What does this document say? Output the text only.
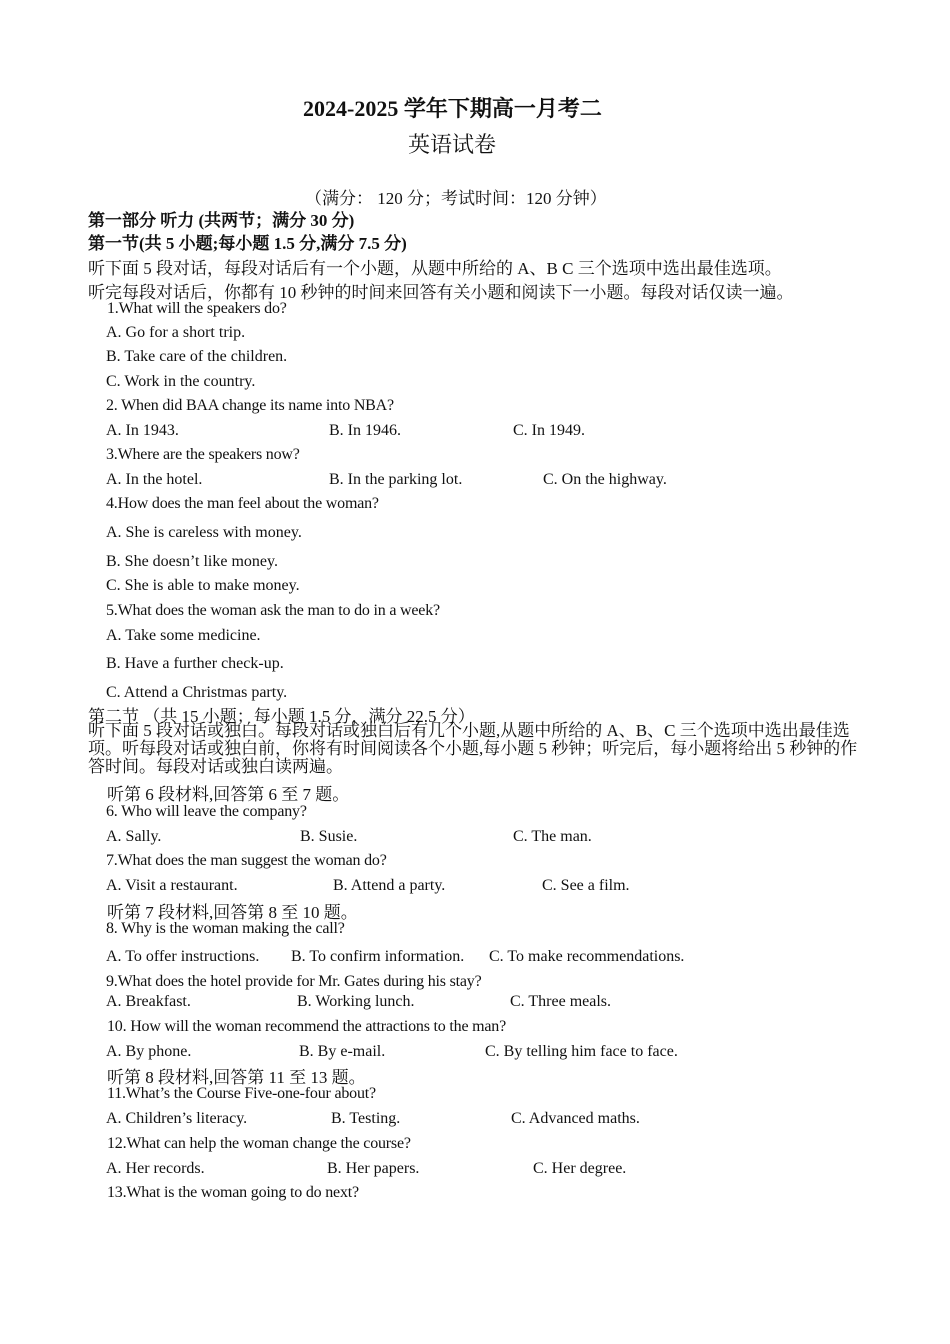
2024-2025 学年下期高一月考二
英语试卷
（满分： 120 分；考试时间：120 分钟）
第一部分 听力 (共两节；满分 30 分)
第一节(共 5 小题;每小题 1.5 分,满分 7.5 分)
听下面 5 段对话，每段对话后有一个小题，从题中所给的 A、B C 三个选项中选出最佳选项。
听完每段对话后，你都有 10 秒钟的时间来回答有关小题和阅读下一小题。每段对话仅读一遍。
1.What will the speakers do?
A. Go for a short trip.
B. Take care of the children.
C. Work in the country.
2. When did BAA change its name into NBA?
A. In 1943.	B. In 1946.	C. In 1949.
3.Where are the speakers now?
A. In the hotel.	B. In the parking lot.	C. On the highway.
4.How does the man feel about the woman?
A. She is careless with money.
B. She doesn’t like money.
C. She is able to make money.
5.What does the woman ask the man to do in a week?
A. Take some medicine.
B. Have a further check-up.
C. Attend a Christmas party.
第二节 （共 15 小题；每小题 1.5 分，满分 22.5 分）
听下面 5 段对话或独白。每段对话或独白后有几个小题,从题中所给的 A、B、C 三个选项中选出最佳选项。听每段对话或独白前，你将有时间阅读各个小题,每小题 5 秒钟；听完后，每小题将给出 5 秒钟的作答时间。每段对话或独白读两遍。
听第 6 段材料,回答第 6 至 7 题。
6. Who will leave the company?
A. Sally.	B. Susie.	C. The man.
7.What does the man suggest the woman do?
A. Visit a restaurant.	B. Attend a party.	C. See a film.
听第 7 段材料,回答第 8 至 10 题。
8. Why is the woman making the call?
A. To offer instructions. B. To confirm information. C. To make recommendations.
9.What does the hotel provide for Mr. Gates during his stay?
A. Breakfast.	B. Working lunch.	C. Three meals.
10. How will the woman recommend the attractions to the man?
A. By phone.	B. By e-mail.	C. By telling him face to face.
听第 8 段材料,回答第 11 至 13 题。
11.What’s the Course Five-one-four about?
A. Children’s literacy.	B. Testing.	C. Advanced maths.
12.What can help the woman change the course?
A. Her records.	B. Her papers.	C. Her degree.
13.What is the woman going to do next?
